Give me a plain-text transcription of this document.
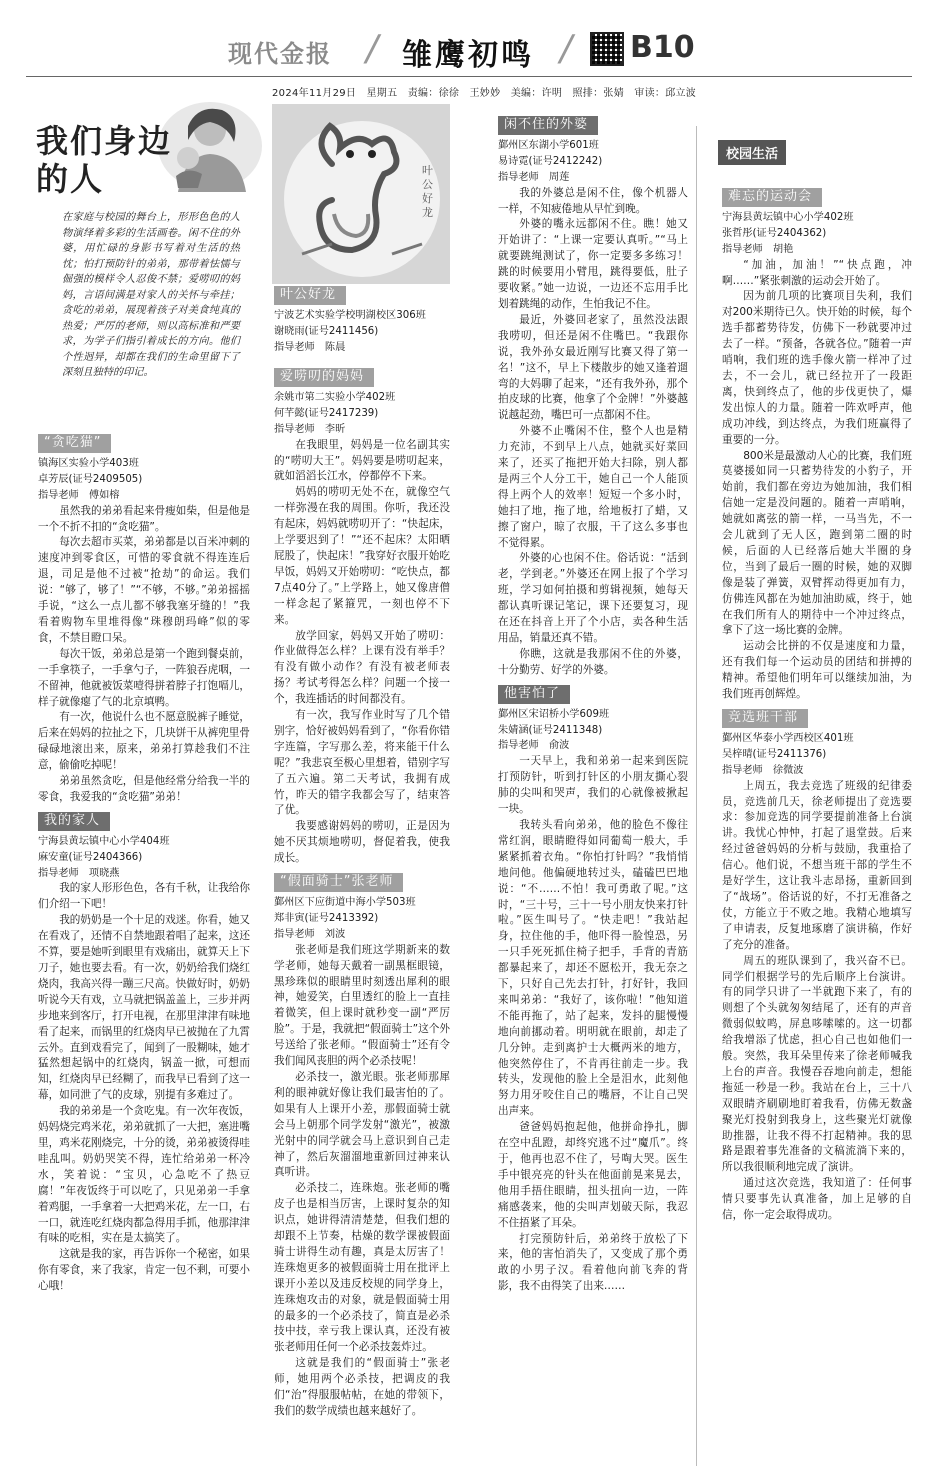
现代金报 / 雏鹰初鸣 / B10
2024年11月29日　星期五　责编：徐徐　王妙妙　美编：许明　照排：张婧　审读：邱立波
我们身边
的人
在家庭与校园的舞台上，形形色色的人物演绎着多彩的生活画卷。闲不住的外婆，用忙碌的身影书写着对生活的热忱；怕打预防针的弟弟，那带着怯懦与倔强的模样令人忍俊不禁；爱唠叨的妈妈，言语间满是对家人的关怀与牵挂；贪吃的弟弟，展现着孩子对美食纯真的热爱；严厉的老师，则以高标准和严要求，为学子们指引着成长的方向。他们个性迥异，却都在我们的生命里留下了深刻且独特的印记。
叶公好龙
叶公好龙

宁波艺术实验学校明湖校区306班

谢晓雨(证号2411456)

指导老师　陈晨

“贪吃猫”

镇海区实验小学403班

卓芳辰(证号2409505)

指导老师　傅如榕

虽然我的弟弟看起来骨瘦如柴，但是他是一个不折不扣的“贪吃猫”。

每次去超市买菜，弟弟都是以百米冲刺的速度冲到零食区，可惜的零食就不得连连后退，司足是他不过被“抢劫”的命运。我们说：“够了，够了！”“不够，不够。”弟弟摇摇手说，“这么一点儿都不够我塞牙缝的！”我看着购物车里堆得像“珠穆朗玛峰”似的零食，不禁目瞪口呆。

每次干饭，弟弟总是第一个跑到餐桌前，一手拿筷子，一手拿勺子，一阵狼吞虎咽，一不留神，他就被饭菜噎得拼着脖子打饱嗝儿，样子就像瘪了气的北京填鸭。

有一次，他说什么也不愿意脱裤子睡觉，后来在妈妈的拉扯之下，几块饼干从裤兜里骨碌碌地滚出来，原来，弟弟打算趁我们不注意，偷偷吃掉呢！

弟弟虽然贪吃，但是他经常分给我一半的零食，我爱我的“贪吃猫”弟弟！

我的家人

宁海县黄坛镇中心小学404班

麻安童(证号2404366)

指导老师　项晓燕

我的家人形形色色，各有千秋，让我给你们介绍一下吧！

我的奶奶是一个十足的戏迷。你看，她又在看戏了，还情不自禁地跟着唱了起来，这还不算，要是她听到眼里有戏痛出，就算天上下刀子，她也要去看。有一次，奶奶给我们烧红烧肉，我高兴得一蹦三尺高。快做好时，奶奶听说今天有戏，立马就把锅盖盖上，三步并两步地来到客厅，打开电视，在那里津津有味地看了起来，而锅里的红烧肉早已被抛在了九霄云外。直到戏看完了，闻到了一股糊味，她才猛然想起锅中的红烧肉，锅盖一掀，可想而知，红烧肉早已经糊了，而我早已看到了这一幕，如同泄了气的皮球，别提有多难过了。

我的弟弟是一个贪吃鬼。有一次年夜饭，妈妈烧完鸡米花，弟弟就抓了一大把，塞进嘴里，鸡米花刚烧完，十分的烫，弟弟被烫得哇哇乱叫。奶奶哭笑不得，连忙给弟弟一杯冷水，笑着说：“宝贝，心急吃不了热豆腐！”年夜饭终于可以吃了，只见弟弟一手拿着鸡腿，一手拿着一大把鸡米花，左一口，右一口，就连吃红烧肉都急得用手抓，他那津津有味的吃相，实在是太搞笑了。

这就是我的家，再告诉你一个秘密，如果你有零食，来了我家，肯定一包不剩，可要小心哦！

爱唠叨的妈妈

余姚市第二实验小学402班

何芊懿(证号2417239)

指导老师　李昕

在我眼里，妈妈是一位名副其实的“唠叨大王”。妈妈要是唠叨起来，就如滔滔长江水，停都停不下来。

妈妈的唠叨无处不在，就像空气一样弥漫在我的周围。你听，我还没有起床，妈妈就唠叨开了：“快起床，上学要迟到了！”“还不起床？太阳晒屁股了，快起床！”我穿好衣服开始吃早饭，妈妈又开始唠叨：“吃快点，都7点40分了。”上学路上，她又像唐僧一样念起了紧箍咒，一刻也停不下来。

放学回家，妈妈又开始了唠叨：作业做得怎么样？上课有没有举手？有没有做小动作？有没有被老师表扬？考试考得怎么样？问题一个接一个，我连插话的时间都没有。

有一次，我写作业时写了几个错别字，恰好被妈妈看到了，“你看你错字连篇，字写那么差，将来能干什么呢？”我悲哀至极心里想着，错别字写了五六遍。第二天考试，我拥有成竹，昨天的错字我都会写了，结束答了优。

我要感谢妈妈的唠叨，正是因为她不厌其烦地唠叨，督促着我，使我成长。

“假面骑士”张老师

鄞州区下应街道中海小学503班

郑非寅(证号2413392)

指导老师　刘波

张老师是我们班这学期新来的数学老师，她每天戴着一副黑框眼镜，黑珍珠似的眼睛里时刻透出犀利的眼神，她爱笑，白里透红的脸上一直挂着微笑，但上课时就秒变一副“严厉脸”。于是，我就把“假面骑士”这个外号送给了张老师。“假面骑士”还有令我们闻风丧胆的两个必杀技呢！

必杀技一，激光眼。张老师那犀利的眼神就好像让我们最害怕的了。如果有人上课开小差，那假面骑士就会马上朝那个同学发射“激光”，被激光射中的同学就会马上意识到自己走神了，然后灰溜溜地重新回过神来认真听讲。

必杀技二，连珠炮。张老师的嘴皮子也是相当厉害，上课时复杂的知识点，她讲得清清楚楚，但我们想的却跟不上节奏，枯燥的数学课被假面骑士讲得生动有趣，真是太厉害了！连珠炮更多的被假面骑士用在批评上课开小差以及违反校规的同学身上，连珠炮攻击的对象，就是假面骑士用的最多的一个必杀技了，简直是必杀技中技，幸亏我上课认真，还没有被张老师用任何一个必杀技轰炸过。

这就是我们的“假面骑士”张老师，她用两个必杀技，把调皮的我们“治”得服服帖帖，在她的带领下，我们的数学成绩也越来越好了。

闲不住的外婆

鄞州区东湖小学601班

易诗霓(证号2412242)

指导老师　周莲

我的外婆总是闲不住，像个机器人一样，不知疲倦地从早忙到晚。

外婆的嘴永远都闲不住。瞧！她又开始讲了：“上课一定要认真听。”“马上就要跳绳测试了，你一定要多多练习！跳的时候要用小臂甩，跳得要低，肚子要收紧。”她一边说，一边还不忘用手比划着跳绳的动作，生怕我记不住。

最近，外婆回老家了，虽然没法跟我唠叨，但还是闲不住嘴巴。“我跟你说，我外孙女最近刚写比赛又得了第一名！”这不，早上下楼散步的她又逢着遛弯的大妈聊了起来，“还有我外孙，那个拍皮球的比赛，他拿了个金牌！”外婆越说越起劲，嘴巴可一点都闲不住。

外婆不止嘴闲不住，整个人也是精力充沛，不到早上八点，她就买好菜回来了，还买了拖把开始大扫除，别人都是两三个人分工干，她自己一个人能顶得上两个人的效率！短短一个多小时，她扫了地，拖了地，给地板打了蜡，又擦了窗户，晾了衣服，干了这么多事也不觉得累。

外婆的心也闲不住。俗话说：“活到老，学到老。”外婆还在网上报了个学习班，学习如何拍摄和剪辑视频，她每天都认真听课记笔记，课下还要复习，现在还在抖音上开了个小店，卖各种生活用品，销量还真不错。

你瞧，这就是我那闲不住的外婆，十分勤劳、好学的外婆。

他害怕了

鄞州区宋诏桥小学609班

朱婧涵(证号2411348)

指导老师　俞波

一天早上，我和弟弟一起来到医院打预防针，听到打针区的小朋友撕心裂肺的尖叫和哭声，我们的心就像被揪起一块。

我转头看向弟弟，他的脸色不像往常红润，眼睛瞪得如同葡萄一般大，手紧紧抓着衣角。“你怕打针吗？”我悄悄地问他。他偏硬地转过头，磕磕巴巴地说：“不……不怕！我可勇敢了呢。”这时，“三十号，三十一号小朋友快来打针啦。”医生叫号了。“快走吧！”我站起身，拉住他的手，他吓得一脸惶恐，另一只手死死抓住椅子把手，手背的青筋都暴起来了，却还不愿松开，我无奈之下，只好自己先去打针，打好针，我回来叫弟弟：“我好了，该你啦！”他知道不能再拖了，站了起来，发抖的腿慢慢地向前挪动着。明明就在眼前，却走了几分钟。走到离护士大概两米的地方，他突然停住了，不肯再往前走一步。我转头，发现他的脸上全是泪水，此刻他努力用牙咬住自己的嘴唇，不让自己哭出声来。

爸爸妈妈抱起他，他拼命挣扎，脚在空中乱蹬，却终究逃不过“魔爪”。终于，他再也忍不住了，号啕大哭。医生手中银亮亮的针头在他面前晃来晃去，他用手捂住眼睛，扭头扭向一边，一阵痛感袭来，他的尖叫声划破天际，我忍不住捂紧了耳朵。

打完预防针后，弟弟终于放松了下来，他的害怕消失了，又变成了那个勇敢的小男子汉。看着他向前飞奔的背影，我不由得笑了出来……

校园生活
难忘的运动会

宁海县黄坛镇中心小学402班

张哲彤(证号2404362)

指导老师　胡艳

“加油，加油！”“快点跑，冲啊……”紧张刺激的运动会开始了。

因为前几项的比赛项目失利，我们对200米期待已久。快开始的时候，每个选手都蓄势待发，仿佛下一秒就要冲过去了一样。“预备，各就各位。”随着一声哨响，我们班的选手像火箭一样冲了过去，不一会儿，就已经拉开了一段距离，快到终点了，他的步伐更快了，爆发出惊人的力量。随着一阵欢呼声，他成功冲线，到达终点，为我们班赢得了重要的一分。

800米是最激动人心的比赛，我们班莫婆援如同一只蓄势待发的小豹子，开始前，我们都在旁边为她加油，我们相信她一定是没问题的。随着一声哨响，她就如离弦的箭一样，一马当先，不一会儿就到了无人区，跑到第二圈的时候，后面的人已经落后她大半圈的身位，当到了最后一圈的时候，她的双脚像是装了弹簧，双臂挥动得更加有力，仿佛连风都在为她加油助威，终于，她在我们所有人的期待中一个冲过终点，拿下了这一场比赛的金牌。

运动会比拼的不仅是速度和力量，还有我们每一个运动员的团结和拼搏的精神。希望他们明年可以继续加油，为我们班再创辉煌。

竞选班干部

鄞州区华泰小学西校区401班

吴梓晴(证号2411376)

指导老师　徐微波

上周五，我去竞选了班级的纪律委员，竞选前几天，徐老师提出了竞选要求：参加竞选的同学要提前准备上台演讲。我忧心忡忡，打起了退堂鼓。后来经过爸爸妈妈的分析与鼓励，我重拾了信心。他们说，不想当班干部的学生不是好学生，这让我斗志昂扬，重新回到了“战场”。俗话说的好，不打无准备之仗，方能立于不败之地。我精心地填写了申请表，反复地琢磨了演讲稿，作好了充分的准备。

周五的班队课到了，我兴奋不已。同学们根据学号的先后顺序上台演讲。有的同学只讲了一半就跑下来了，有的则想了个头就匆匆结尾了，还有的声音微弱似蚊鸣，屏息哆嗦嗦的。这一切都给我增添了忧虑，担心自己也如他们一般。突然，我耳朵里传来了徐老师喊我上台的声音。我慢吞吞地向前走，想能拖延一秒是一秒。我站在台上，三十八双眼睛齐刷刷地盯着我看，仿佛无数盏聚光灯投射到我身上，这些聚光灯就像助推器，让我不得不打起精神。我的思路是跟着事先准备的文稿流淌下来的，所以我很顺利地完成了演讲。

通过这次竞选，我知道了：任何事情只要事先认真准备，加上足够的自信，你一定会取得成功。
